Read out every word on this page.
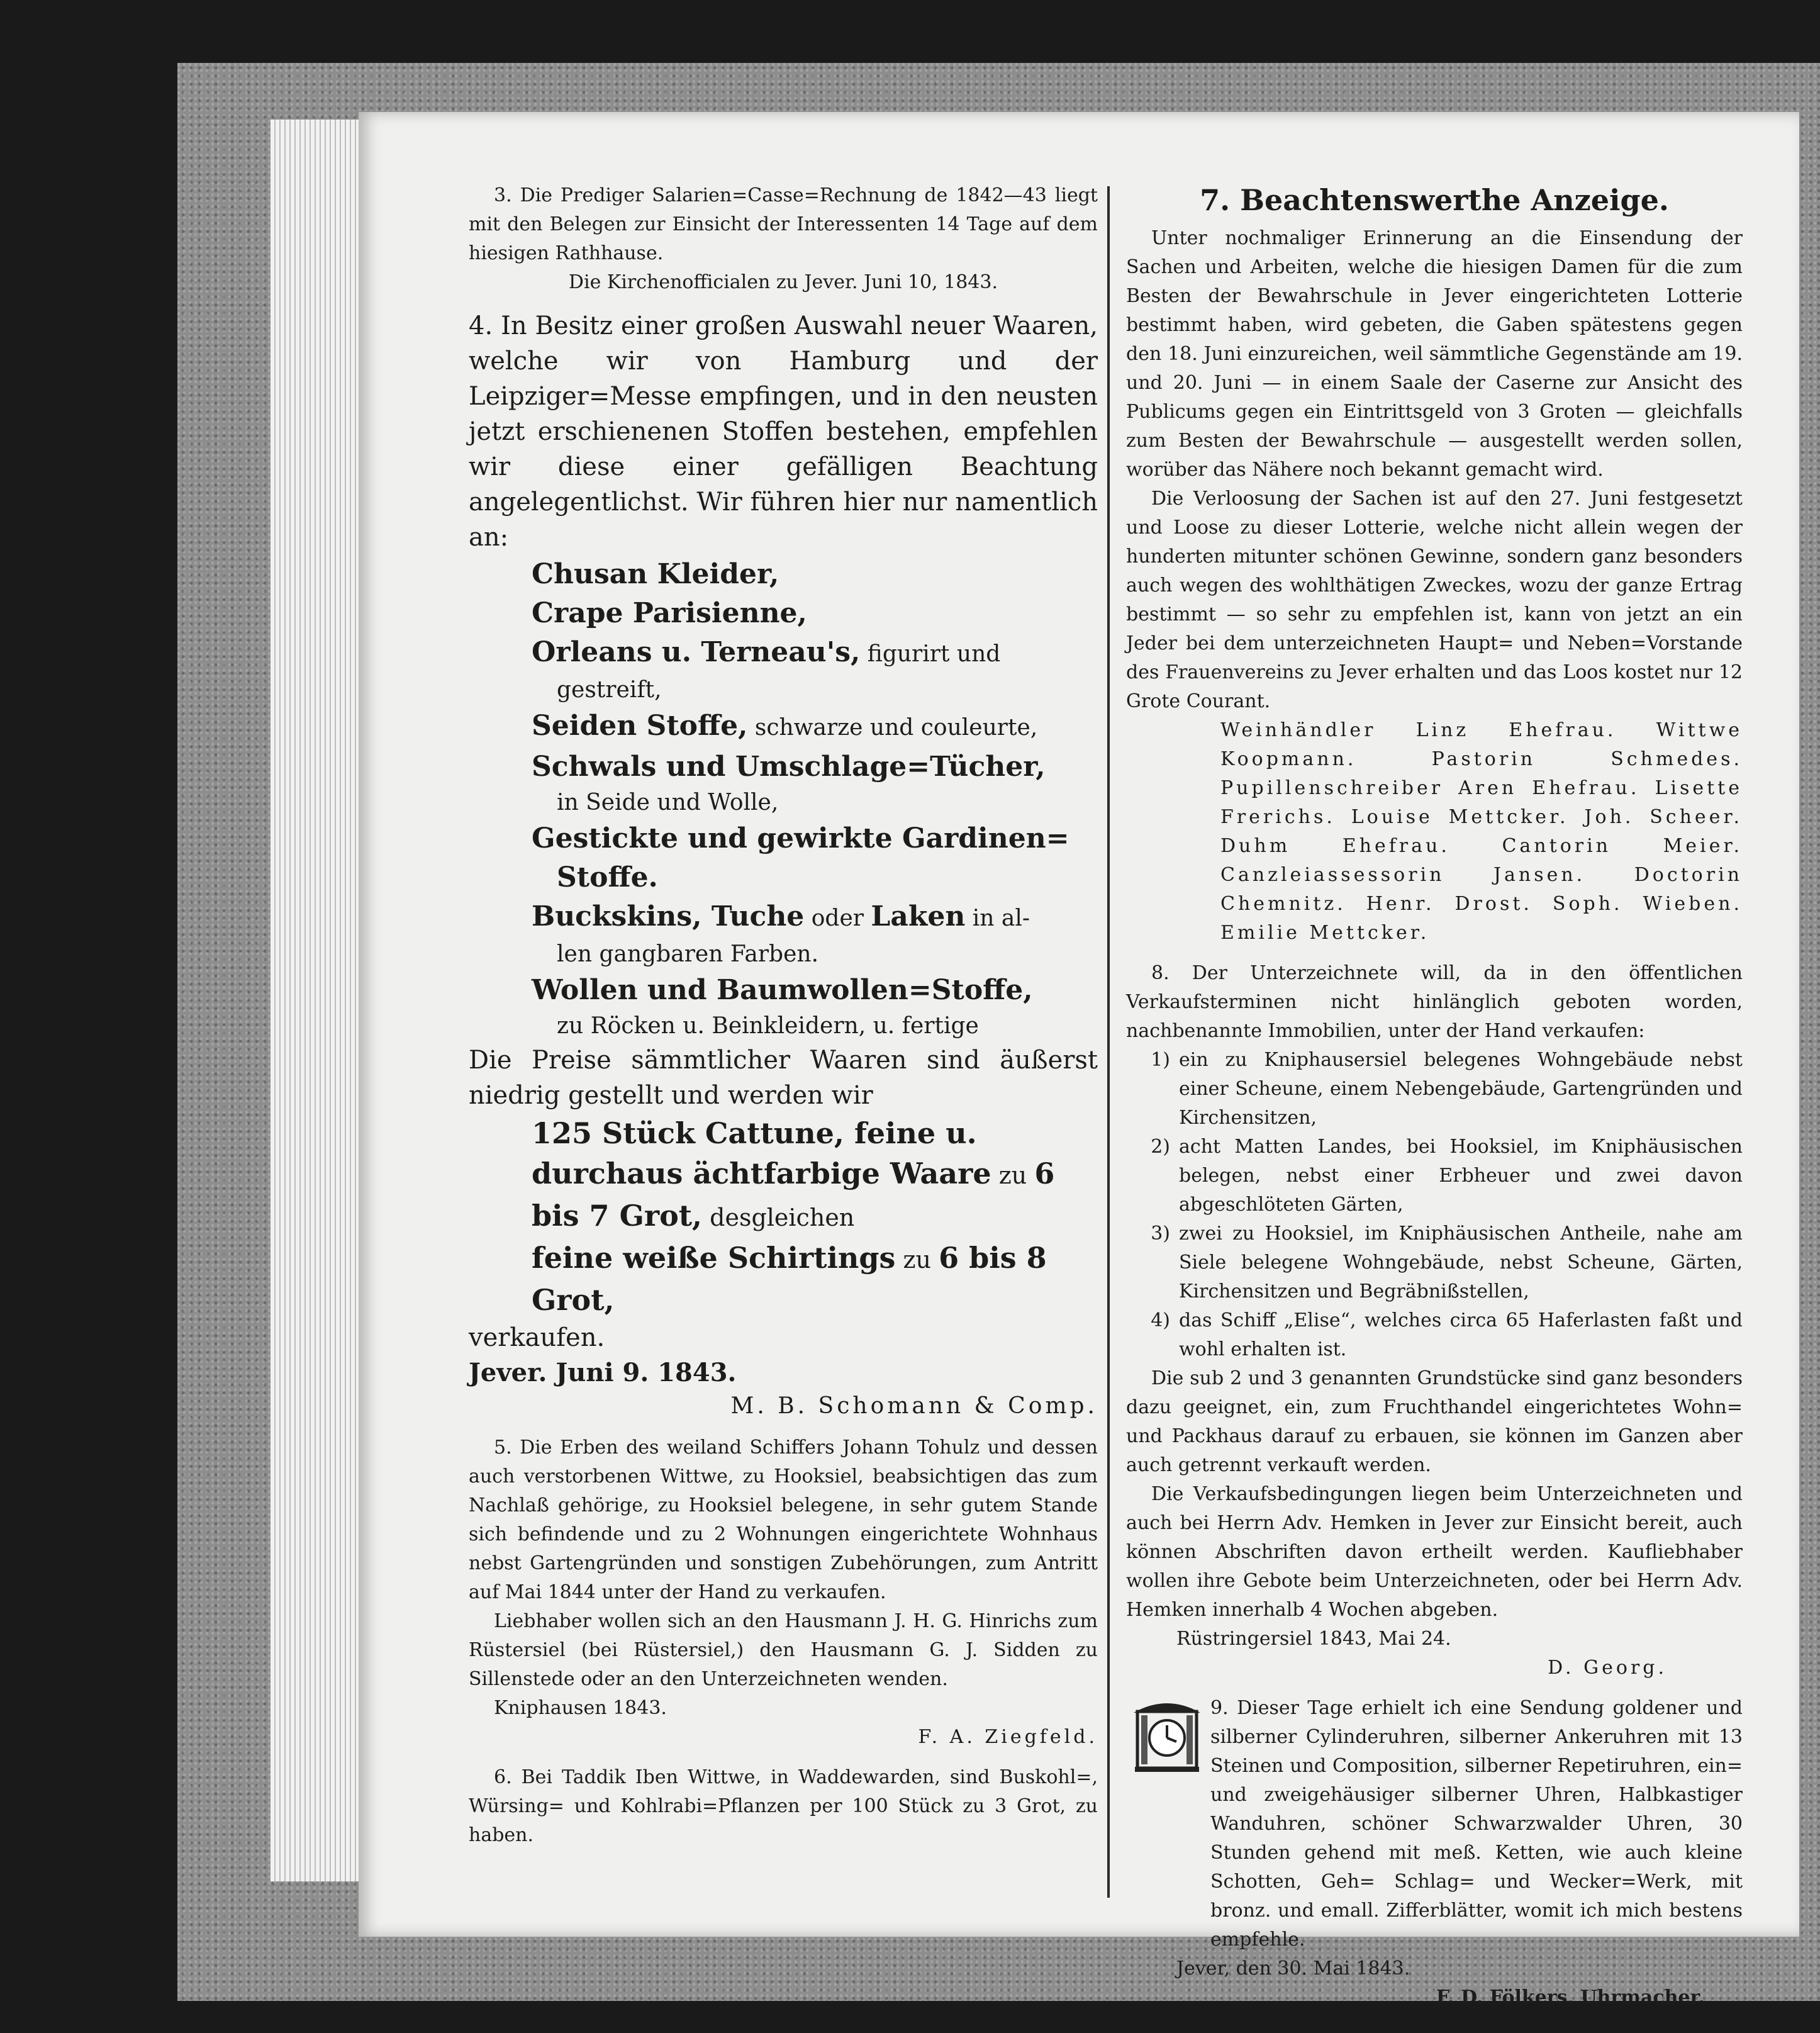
3. Die Prediger Salarien=Casse=Rechnung de 1842—43 liegt mit den Belegen zur Einsicht der Interessenten 14 Tage auf dem hiesigen Rathhause.

Die Kirchenofficialen zu Jever. Juni 10, 1843.

4. In Besitz einer großen Auswahl neuer Waaren, welche wir von Hamburg und der Leipziger=Messe empfingen, und in den neusten jetzt erschienenen Stoffen bestehen, empfehlen wir diese einer gefälligen Beachtung angelegentlichst. Wir führen hier nur namentlich an:

Chusan Kleider,

Crape Parisienne,

Orleans u. Terneau's, figurirt und

gestreift,

Seiden Stoffe, schwarze und couleurte,

Schwals und Umschlage=Tücher,

in Seide und Wolle,

Gestickte und gewirkte Gardinen=

Stoffe.

Buckskins, Tuche oder Laken in al-

len gangbaren Farben.

Wollen und Baumwollen=Stoffe,

zu Röcken u. Beinkleidern, u. fertige

Die Preise sämmtlicher Waaren sind äußerst niedrig gestellt und werden wir

125 Stück Cattune, feine u. durchaus ächtfarbige Waare zu 6 bis 7 Grot, desgleichen

feine weiße Schirtings zu 6 bis 8 Grot,

verkaufen.

Jever. Juni 9. 1843.

M. B. Schomann & Comp.

5. Die Erben des weiland Schiffers Johann Tohulz und dessen auch verstorbenen Wittwe, zu Hooksiel, beabsichtigen das zum Nachlaß gehörige, zu Hooksiel belegene, in sehr gutem Stande sich befindende und zu 2 Wohnungen eingerichtete Wohnhaus nebst Gartengründen und sonstigen Zubehörungen, zum Antritt auf Mai 1844 unter der Hand zu verkaufen.

Liebhaber wollen sich an den Hausmann J. H. G. Hinrichs zum Rüstersiel (bei Rüstersiel,) den Hausmann G. J. Sidden zu Sillenstede oder an den Unterzeichneten wenden.

Kniphausen 1843.

F. A. Ziegfeld.

6. Bei Taddik Iben Wittwe, in Waddewarden, sind Buskohl=, Würsing= und Kohlrabi=Pflanzen per 100 Stück zu 3 Grot, zu haben.

7. Beachtenswerthe Anzeige.

Unter nochmaliger Erinnerung an die Einsendung der Sachen und Arbeiten, welche die hiesigen Damen für die zum Besten der Bewahrschule in Jever eingerichteten Lotterie bestimmt haben, wird gebeten, die Gaben spätestens gegen den 18. Juni einzureichen, weil sämmtliche Gegenstände am 19. und 20. Juni — in einem Saale der Caserne zur Ansicht des Publicums gegen ein Eintrittsgeld von 3 Groten — gleichfalls zum Besten der Bewahrschule — ausgestellt werden sollen, worüber das Nähere noch bekannt gemacht wird.

Die Verloosung der Sachen ist auf den 27. Juni festgesetzt und Loose zu dieser Lotterie, welche nicht allein wegen der hunderten mitunter schönen Gewinne, sondern ganz besonders auch wegen des wohlthätigen Zweckes, wozu der ganze Ertrag bestimmt — so sehr zu empfehlen ist, kann von jetzt an ein Jeder bei dem unterzeichneten Haupt= und Neben=Vorstande des Frauenvereins zu Jever erhalten und das Loos kostet nur 12 Grote Courant.

Weinhändler Linz Ehefrau. Wittwe Koopmann. Pastorin Schmedes. Pupillenschreiber Aren Ehefrau. Lisette Frerichs. Louise Mettcker. Joh. Scheer. Duhm Ehefrau. Cantorin Meier. Canzleiassessorin Jansen. Doctorin Chemnitz. Henr. Drost. Soph. Wieben. Emilie Mettcker.

8. Der Unterzeichnete will, da in den öffentlichen Verkaufsterminen nicht hinlänglich geboten worden, nachbenannte Immobilien, unter der Hand verkaufen:

1) ein zu Kniphausersiel belegenes Wohngebäude nebst einer Scheune, einem Nebengebäude, Gartengründen und Kirchensitzen,
2) acht Matten Landes, bei Hooksiel, im Kniphäusischen belegen, nebst einer Erbheuer und zwei davon abgeschlöteten Gärten,
3) zwei zu Hooksiel, im Kniphäusischen Antheile, nahe am Siele belegene Wohngebäude, nebst Scheune, Gärten, Kirchensitzen und Begräbnißstellen,
4) das Schiff „Elise“, welches circa 65 Haferlasten faßt und wohl erhalten ist.

Die sub 2 und 3 genannten Grundstücke sind ganz besonders dazu geeignet, ein, zum Fruchthandel eingerichtetes Wohn= und Packhaus darauf zu erbauen, sie können im Ganzen aber auch getrennt verkauft werden.

Die Verkaufsbedingungen liegen beim Unterzeichneten und auch bei Herrn Adv. Hemken in Jever zur Einsicht bereit, auch können Abschriften davon ertheilt werden. Kaufliebhaber wollen ihre Gebote beim Unterzeichneten, oder bei Herrn Adv. Hemken innerhalb 4 Wochen abgeben.

Rüstringersiel 1843, Mai 24.

D. Georg.

9. Dieser Tage erhielt ich eine Sendung goldener und silberner Cylinderuhren, silberner Ankeruhren mit 13 Steinen und Composition, silberner Repetiruhren, ein= und zweigehäusiger silberner Uhren, Halbkastiger Wanduhren, schöner Schwarzwalder Uhren, 30 Stunden gehend mit meß. Ketten, wie auch kleine Schotten, Geh= Schlag= und Wecker=Werk, mit bronz. und emall. Zifferblätter, womit ich mich bestens empfehle.

Jever, den 30. Mai 1843.

F. D. Fölkers, Uhrmacher.
